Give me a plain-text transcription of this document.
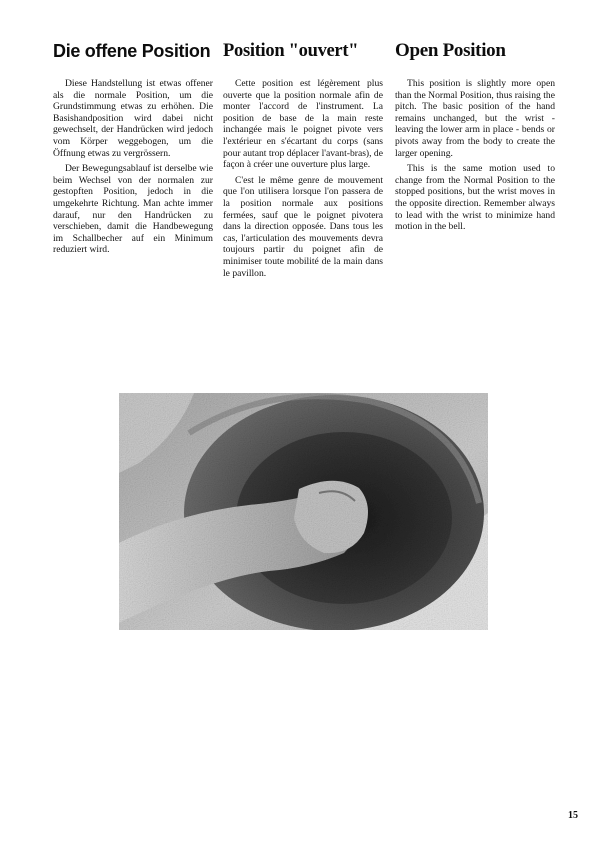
Die offene Position

Diese Handstellung ist etwas offener als die normale Position, um die Grundstimmung etwas zu erhöhen. Die Basishandposition wird dabei nicht gewechselt, der Handrücken wird jedoch vom Körper weggebogen, um die Öffnung etwas zu vergrössern.

Der Bewegungsablauf ist derselbe wie beim Wechsel von der normalen zur gestopften Position, jedoch in die umgekehrte Richtung. Man achte immer darauf, nur den Handrücken zu verschieben, damit die Handbewegung im Schallbecher auf ein Minimum reduziert wird.

Position "ouvert"

Cette position est légèrement plus ouverte que la position normale afin de monter l'accord de l'instrument. La position de base de la main reste inchangée mais le poignet pivote vers l'extérieur en s'écartant du corps (sans pour autant trop déplacer l'avant-bras), de façon à créer une ouverture plus large.

C'est le même genre de mouvement que l'on utilisera lorsque l'on passera de la position normale aux positions fermées, sauf que le poignet pivotera dans la direction opposée. Dans tous les cas, l'articulation des mouvements devra toujours partir du poignet afin de minimiser toute mobilité de la main dans le pavillon.

Open Position

This position is slightly more open than the Normal Position, thus raising the pitch. The basic position of the hand remains unchanged, but the wrist - leaving the lower arm in place - bends or pivots away from the body to create the larger opening.

This is the same motion used to change from the Normal Position to the stopped positions, but the wrist moves in the opposite direction. Remember always to lead with the wrist to minimize hand motion in the bell.

15
